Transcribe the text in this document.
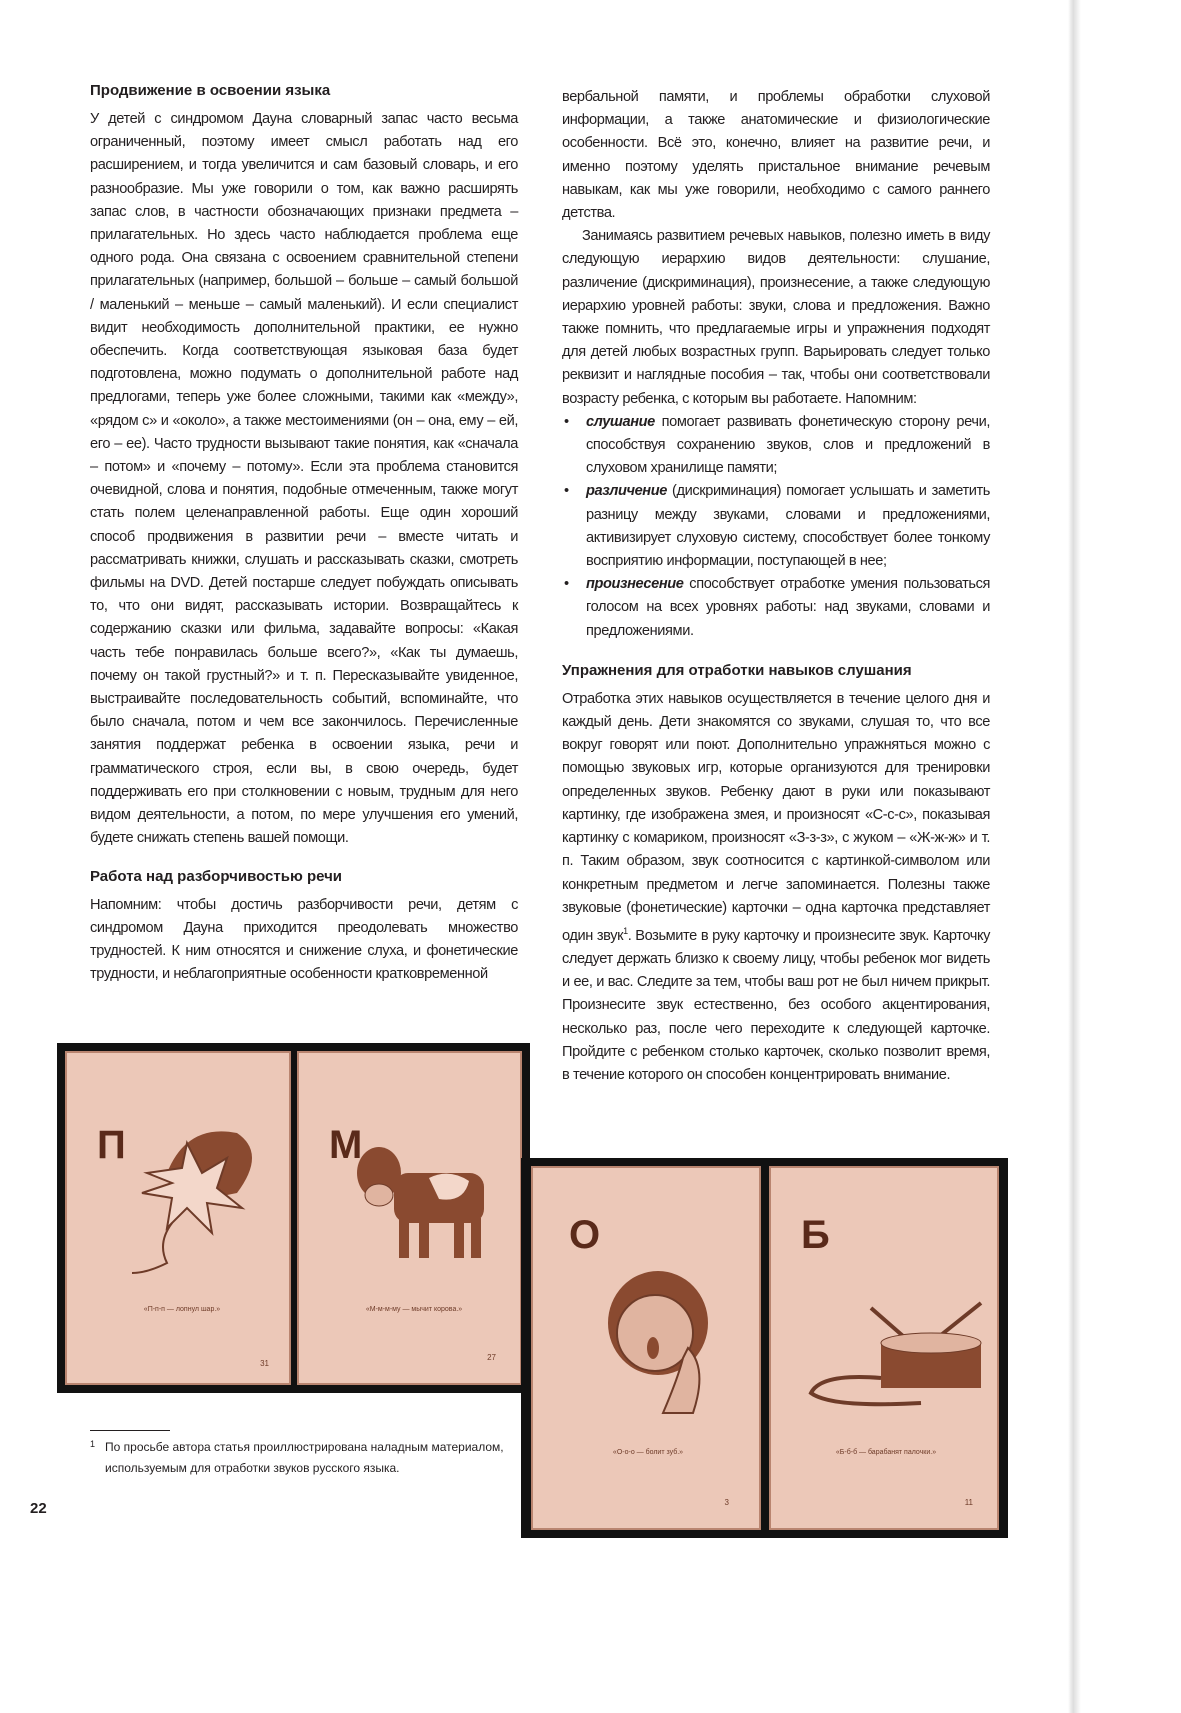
Продвижение в освоении языка

У детей с синдромом Дауна словарный запас часто весьма ограниченный, поэтому имеет смысл работать над его расширением, и тогда увеличится и сам базовый словарь, и его разнообразие. Мы уже говорили о том, как важно расширять запас слов, в частности обозначающих признаки предмета – прилагательных. Но здесь часто наблюдается проблема еще одного рода. Она связана с освоением сравнительной степени прилагательных (например, большой – больше – самый большой / маленький – меньше – самый маленький). И если специалист видит необходимость дополнительной практики, ее нужно обеспечить. Когда соответствующая языковая база будет подготовлена, можно подумать о дополнительной работе над предлогами, теперь уже более сложными, такими как «между», «рядом с» и «около», а также местоимениями (он – она, ему – ей, его – ее). Часто трудности вызывают такие понятия, как «сначала – потом» и «почему – потому». Если эта проблема становится очевидной, слова и понятия, подобные отмеченным, также могут стать полем целенаправленной работы. Еще один хороший способ продвижения в развитии речи – вместе читать и рассматривать книжки, слушать и рассказывать сказки, смотреть фильмы на DVD. Детей постарше следует побуждать описывать то, что они видят, рассказывать истории. Возвращайтесь к содержанию сказки или фильма, задавайте вопросы: «Какая часть тебе понравилась больше всего?», «Как ты думаешь, почему он такой грустный?» и т. п. Пересказывайте увиденное, выстраивайте последовательность событий, вспоминайте, что было сначала, потом и чем все закончилось. Перечисленные занятия поддержат ребенка в освоении языка, речи и грамматического строя, если вы, в свою очередь, будет поддерживать его при столкновении с новым, трудным для него видом деятельности, а потом, по мере улучшения его умений, будете снижать степень вашей помощи.

Работа над разборчивостью речи

Напомним: чтобы достичь разборчивости речи, детям с синдромом Дауна приходится преодолевать множество трудностей. К ним относятся и снижение слуха, и фонетические трудности, и неблагоприятные особенности кратковременной

вербальной памяти, и проблемы обработки слуховой информации, а также анатомические и физиологические особенности. Всё это, конечно, влияет на развитие речи, и именно поэтому уделять пристальное внимание речевым навыкам, как мы уже говорили, необходимо с самого раннего детства.

Занимаясь развитием речевых навыков, полезно иметь в виду следующую иерархию видов деятельности: слушание, различение (дискриминация), произнесение, а также следующую иерархию уровней работы: звуки, слова и предложения. Важно также помнить, что предлагаемые игры и упражнения подходят для детей любых возрастных групп. Варьировать следует только реквизит и наглядные пособия – так, чтобы они соответствовали возрасту ребенка, с которым вы работаете. Напомним:

• слушание помогает развивать фонетическую сторону речи, способствуя сохранению звуков, слов и предложений в слуховом хранилище памяти;
• различение (дискриминация) помогает услышать и заметить разницу между звуками, словами и предложениями, активизирует слуховую систему, способствует более тонкому восприятию информации, поступающей в нее;
• произнесение способствует отработке умения пользоваться голосом на всех уровнях работы: над звуками, словами и предложениями.
Упражнения для отработки навыков слушания

Отработка этих навыков осуществляется в течение целого дня и каждый день. Дети знакомятся со звуками, слушая то, что все вокруг говорят или поют. Дополнительно упражняться можно с помощью звуковых игр, которые организуются для тренировки определенных звуков. Ребенку дают в руки или показывают картинку, где изображена змея, и произносят «С-с-с», показывая картинку с комариком, произносят «З-з-з», с жуком – «Ж-ж-ж» и т. п. Таким образом, звук соотносится с картинкой-символом или конкретным предметом и легче запоминается. Полезны также звуковые (фонетические) карточки – одна карточка представляет один звук$^1$. Возьмите в руку карточку и произнесите звук. Карточку следует держать близко к своему лицу, чтобы ребенок мог видеть и ее, и вас. Следите за тем, чтобы ваш рот не был ничем прикрыт. Произнесите звук естественно, без особого акцентирования, несколько раз, после чего переходите к следующей карточке. Пройдите с ребенком столько карточек, сколько позволит время, в течение которого он способен концентрировать внимание.

П
«П-п-п — лопнул шар.»
31
М
«М-м-м-му — мычит корова.»
27
О
«О-о-о — болит зуб.»
3
Б
«Б-б-б — барабанят палочки.»
11
1 По просьбе автора статья проиллюстрирована наладным материалом, используемым для отработки звуков русского языка.
22
